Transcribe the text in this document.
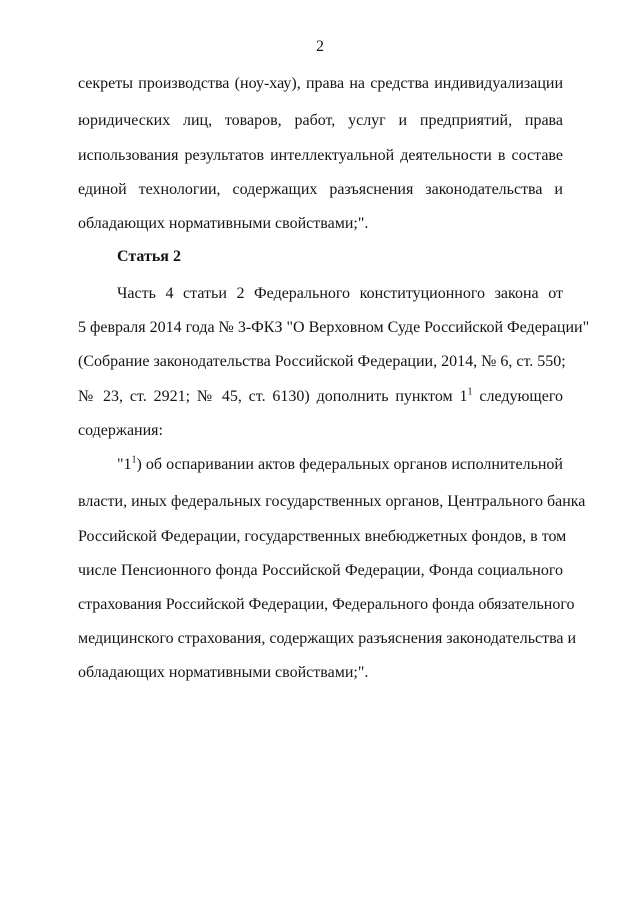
2
секреты производства (ноу-хау), права на средства индивидуализации
юридических лиц, товаров, работ, услуг и предприятий, права
использования результатов интеллектуальной деятельности в составе
единой технологии, содержащих разъяснения законодательства и
обладающих нормативными свойствами;".
Статья 2
Часть 4 статьи 2 Федерального конституционного закона от
5 февраля 2014 года № 3-ФКЗ "О Верховном Суде Российской Федерации"
(Собрание законодательства Российской Федерации, 2014, № 6, ст. 550;
№ 23, ст. 2921; № 45, ст. 6130) дополнить пунктом $1^1$ следующего
содержания:
"$1^1$) об оспаривании актов федеральных органов исполнительной
власти, иных федеральных государственных органов, Центрального банка
Российской Федерации, государственных внебюджетных фондов, в том
числе Пенсионного фонда Российской Федерации, Фонда социального
страхования Российской Федерации, Федерального фонда обязательного
медицинского страхования, содержащих разъяснения законодательства и
обладающих нормативными свойствами;".
